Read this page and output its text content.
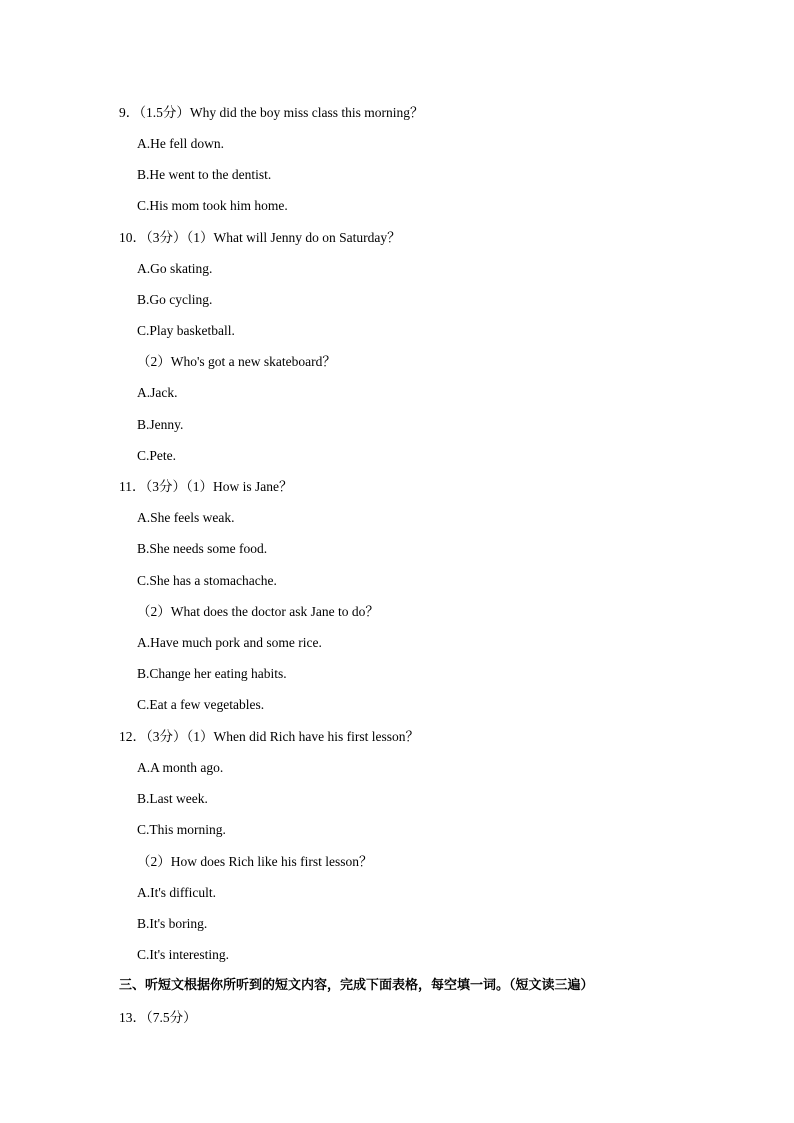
9．（1.5分）Why did the boy miss class this morning？
A.He fell down.
B.He went to the dentist.
C.His mom took him home.
10．（3分）（1）What will Jenny do on Saturday？
A.Go skating.
B.Go cycling.
C.Play basketball.
（2）Who's got a new skateboard？
A.Jack.
B.Jenny.
C.Pete.
11．（3分）（1）How is Jane？
A.She feels weak.
B.She needs some food.
C.She has a stomachache.
（2）What does the doctor ask Jane to do？
A.Have much pork and some rice.
B.Change her eating habits.
C.Eat a few vegetables.
12．（3分）（1）When did Rich have his first lesson？
A.A month ago.
B.Last week.
C.This morning.
（2）How does Rich like his first lesson？
A.It's difficult.
B.It's boring.
C.It's interesting.
三、听短文根据你所听到的短文内容，完成下面表格，每空填一词。（短文读三遍）
13．（7.5分）
